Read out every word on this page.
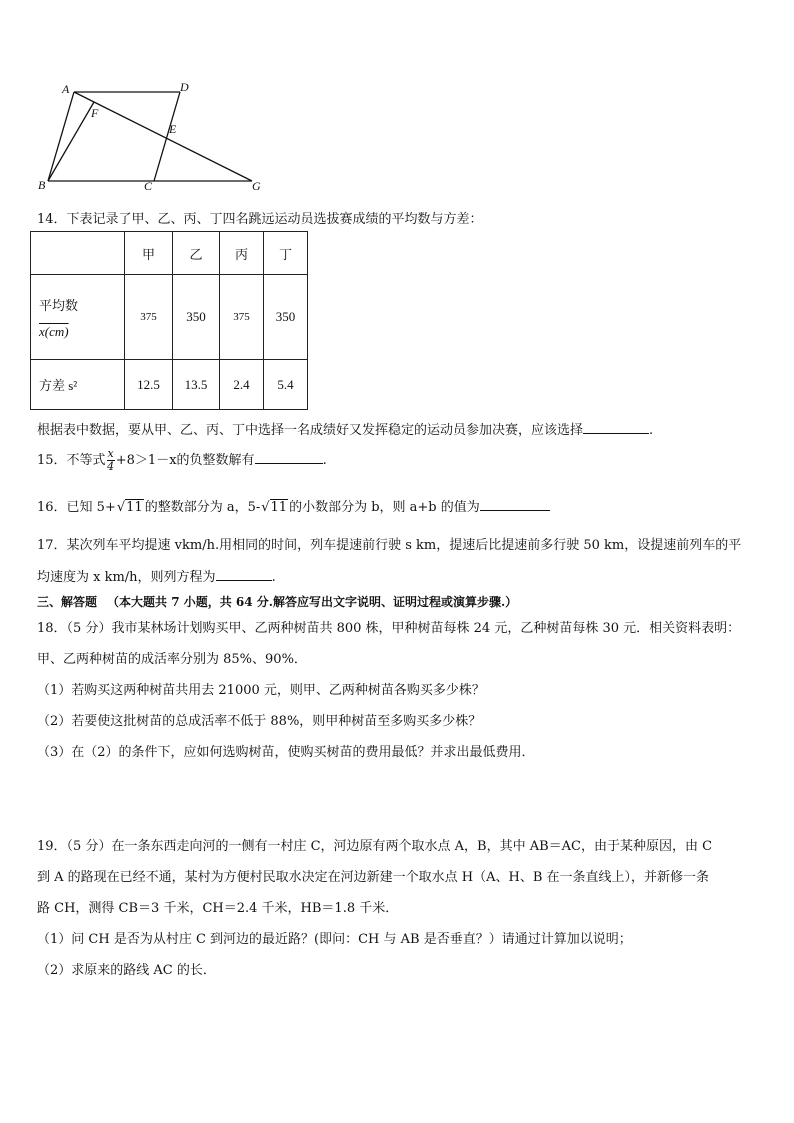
A	D
F
E
B	C	G
14．下表记录了甲、乙、丙、丁四名跳远运动员选拔赛成绩的平均数与方差：
	甲	乙	丙	丁

平均数
x(cm)	375	350	375	350
方差 s²	12.5	13.5	2.4	5.4
根据表中数据，要从甲、乙、丙、丁中选择一名成绩好又发挥稳定的运动员参加决赛，应该选择	.
15．不等式 $\frac{x}{4} +8>1-x$的负整数解有	.
16．已知 5+√11 的整数部分为 a，5-√11 的小数部分为 b，则 a+b 的值为
17．某次列车平均提速 vkm/h.用相同的时间，列车提速前行驶 s km，提速后比提速前多行驶 50 km，设提速前列车的平
均速度为 x km/h，则列方程为	.
三、解答题 （本大题共 7 小题，共 64 分.解答应写出文字说明、证明过程或演算步骤.）
18．（5 分）我市某林场计划购买甲、乙两种树苗共 800 株，甲种树苗每株 24 元，乙种树苗每株 30 元．相关资料表明：
甲、乙两种树苗的成活率分别为 85%、90%．
（1）若购买这两种树苗共用去 21000 元，则甲、乙两种树苗各购买多少株？
（2）若要使这批树苗的总成活率不低于 88%，则甲种树苗至多购买多少株？
（3）在（2）的条件下，应如何选购树苗，使购买树苗的费用最低？并求出最低费用．
19．（5 分）在一条东西走向河的一侧有一村庄 C，河边原有两个取水点 A，B，其中 AB＝AC，由于某种原因，由 C
到 A 的路现在已经不通，某村为方便村民取水决定在河边新建一个取水点 H（A、H、B 在一条直线上），并新修一条
路 CH，测得 CB＝3 千米，CH＝2.4 千米，HB＝1.8 千米．
（1）问 CH 是否为从村庄 C 到河边的最近路？(即问：CH 与 AB 是否垂直？）请通过计算加以说明；
（2）求原来的路线 AC 的长．
